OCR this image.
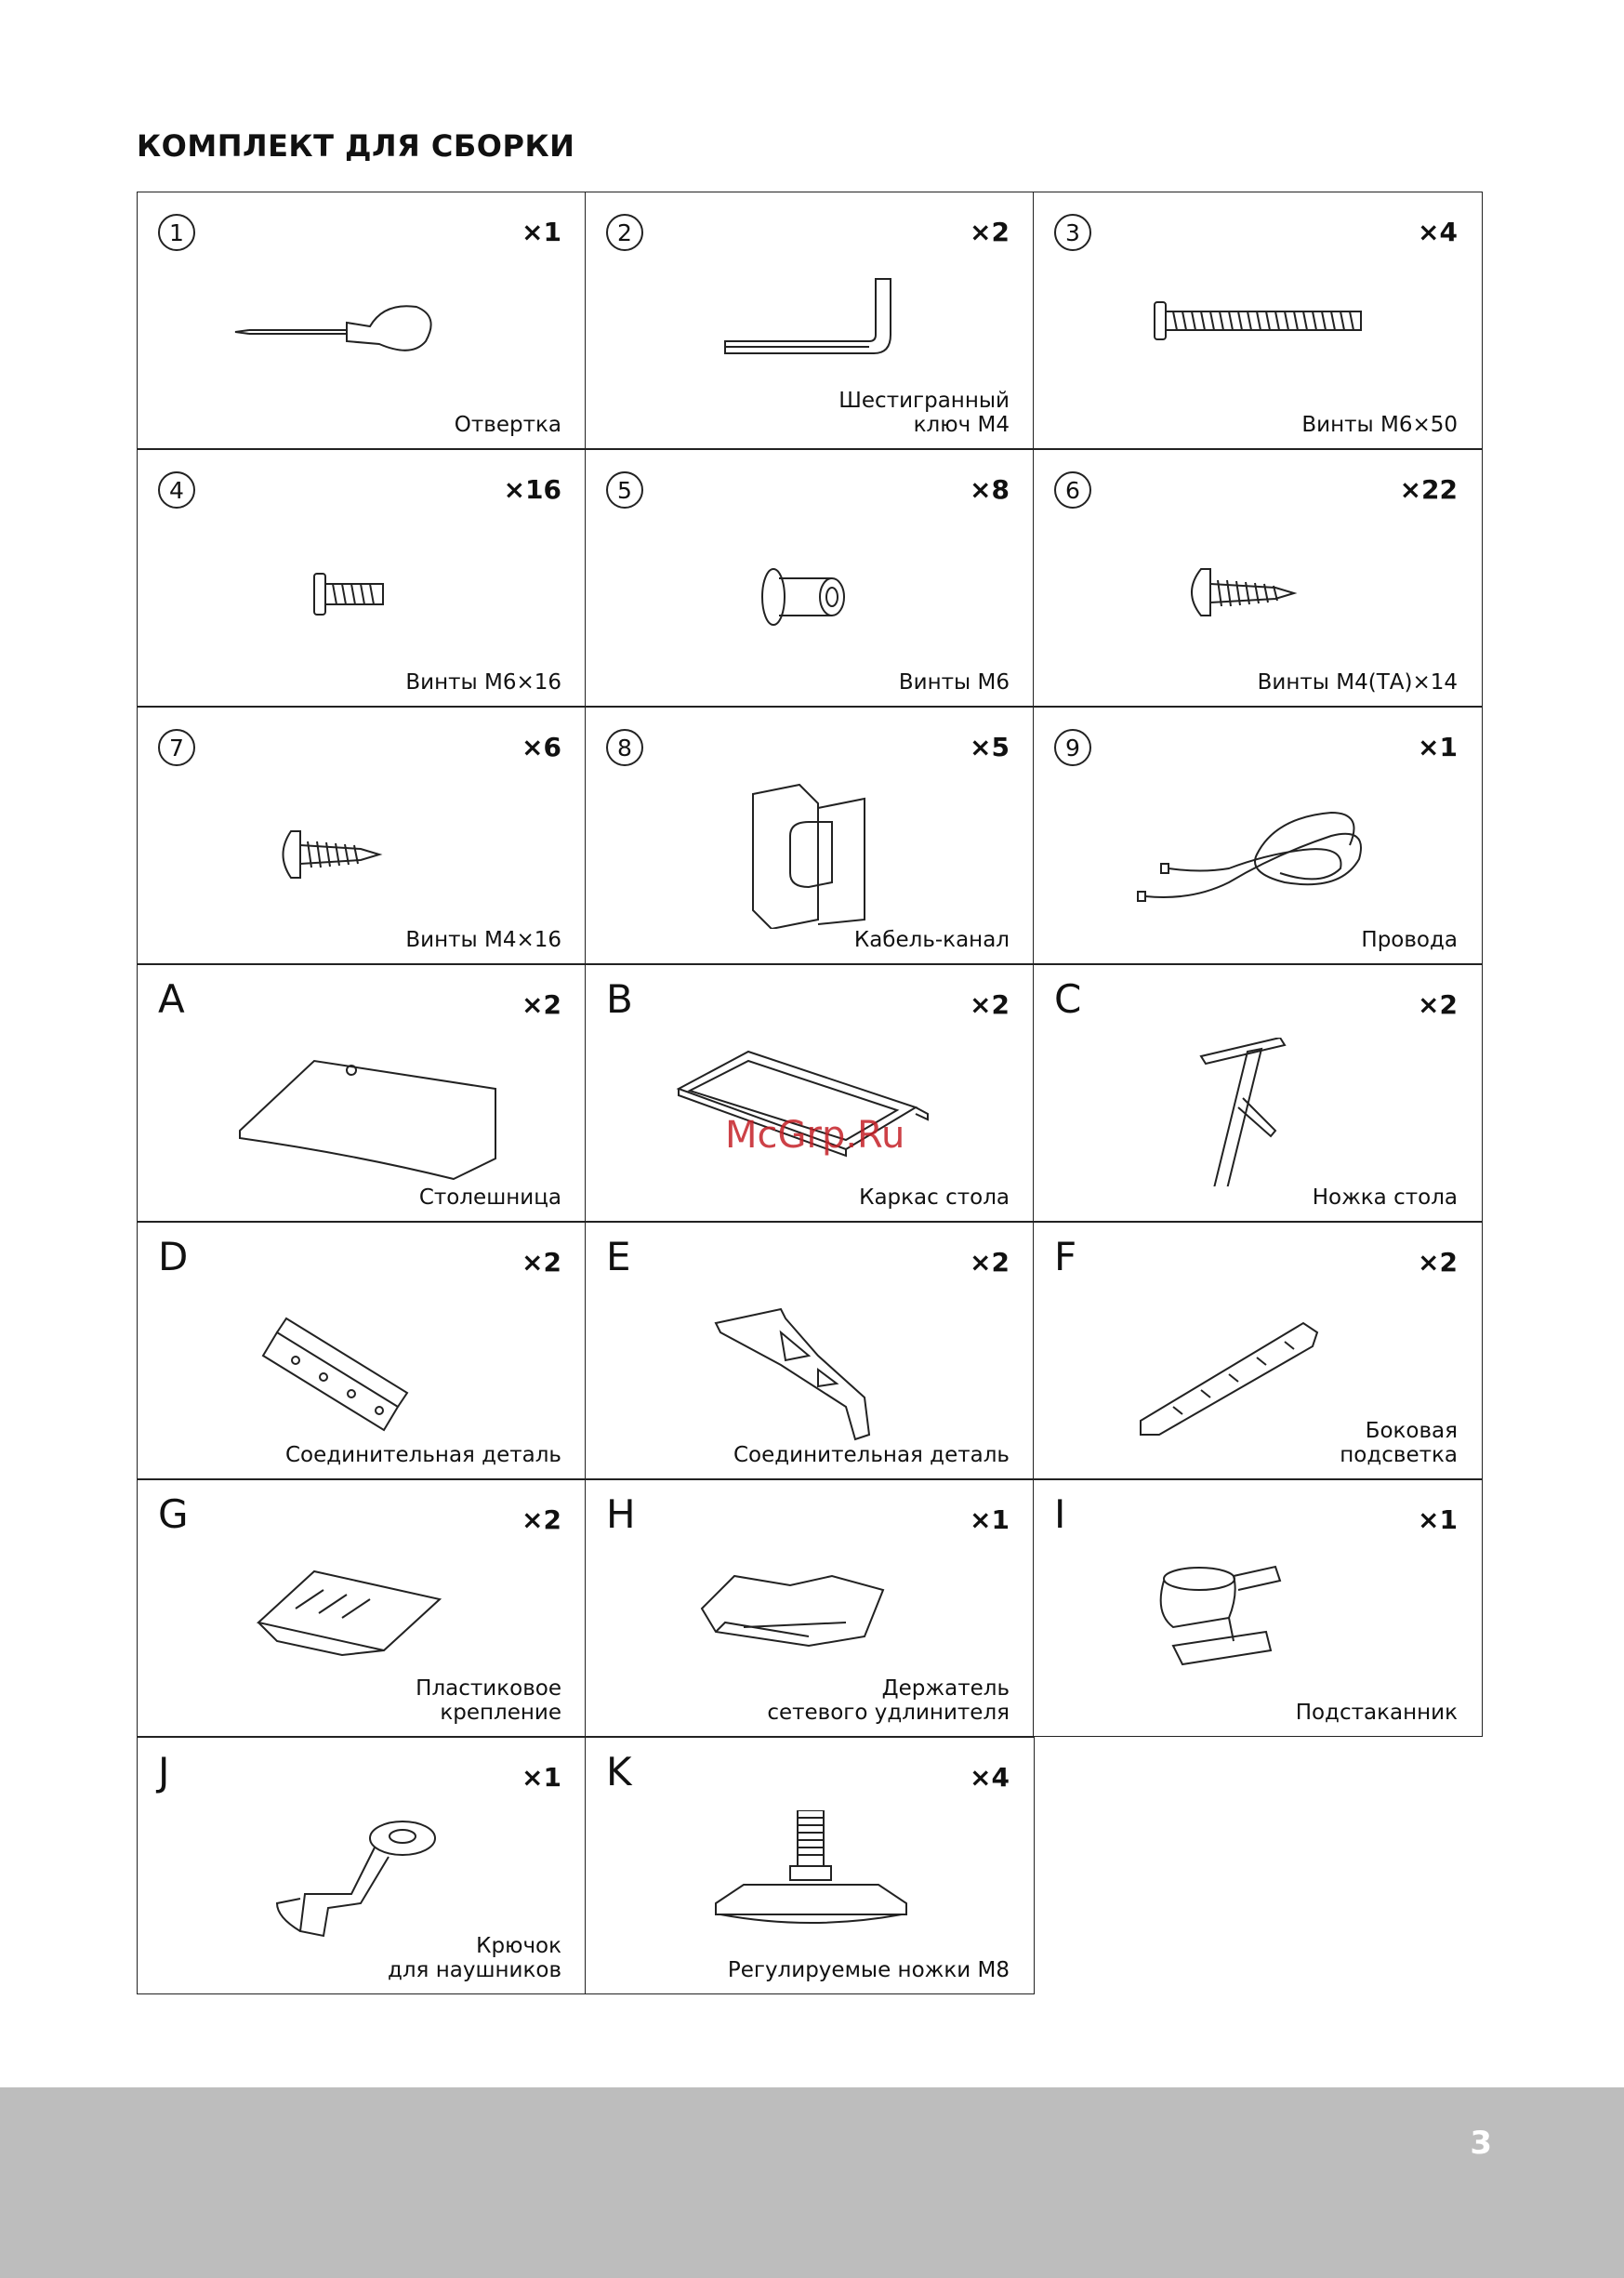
КОМПЛЕКТ ДЛЯ СБОРКИ
1	×1
Отвертка
2	×2
Шестигранный
ключ М4
3	×4
Винты М6×50
4	×16
Винты М6×16
5	×8
Винты М6
6	×22
Винты М4(ТА)×14
7	×6
Винты М4×16
8	×5
Кабель-канал
9	×1
Провода
A	×2
Столешница
B	×2
Каркас стола
C	×2
Ножка стола
D	×2
Соединительная деталь
E	×2
Соединительная деталь
F	×2
Боковая
подсветка
G	×2
Пластиковое
крепление
H	×1
Держатель
сетевого удлинителя
I	×1
Подстаканник
J	×1
Крючок
для наушников
K	×4
Регулируемые ножки М8
McGrp.Ru
3
